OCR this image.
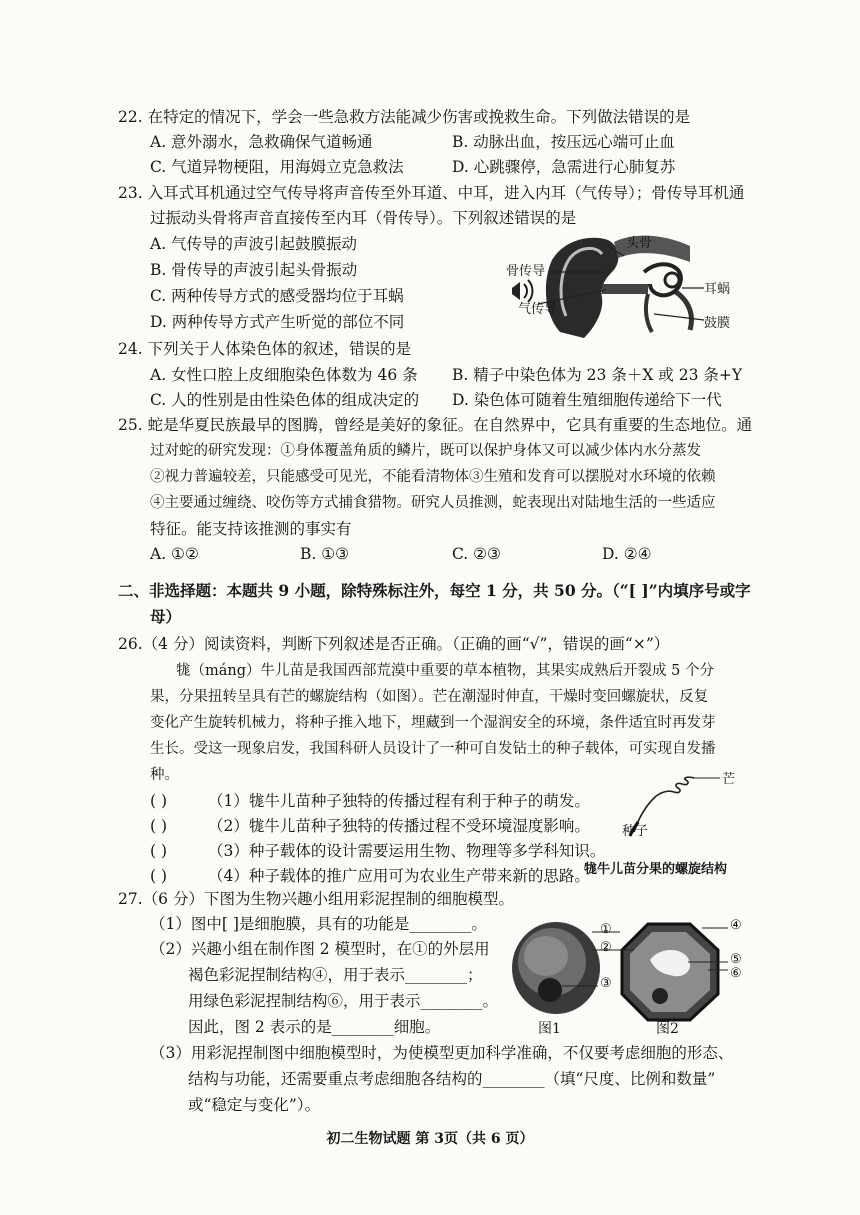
22. 在特定的情况下，学会一些急救方法能减少伤害或挽救生命。下列做法错误的是
A. 意外溺水，急救确保气道畅通	B. 动脉出血，按压远心端可止血
C. 气道异物梗阻，用海姆立克急救法	D. 心跳骤停，急需进行心肺复苏
23. 入耳式耳机通过空气传导将声音传至外耳道、中耳，进入内耳（气传导）；骨传导耳机通
过振动头骨将声音直接传至内耳（骨传导）。下列叙述错误的是
A. 气传导的声波引起鼓膜振动
B. 骨传导的声波引起头骨振动
C. 两种传导方式的感受器均位于耳蜗
D. 两种传导方式产生听觉的部位不同
头骨
骨传导
气传导
耳蜗
鼓膜
24. 下列关于人体染色体的叙述，错误的是
A. 女性口腔上皮细胞染色体数为 46 条 B. 精子中染色体为 23 条＋X 或 23 条+Y
C. 人的性别是由性染色体的组成决定的 D. 染色体可随着生殖细胞传递给下一代
25. 蛇是华夏民族最早的图腾，曾经是美好的象征。在自然界中，它具有重要的生态地位。通
过对蛇的研究发现：①身体覆盖角质的鳞片，既可以保护身体又可以减少体内水分蒸发
②视力普遍较差，只能感受可见光，不能看清物体③生殖和发育可以摆脱对水环境的依赖
④主要通过缠绕、咬伤等方式捕食猎物。研究人员推测，蛇表现出对陆地生活的一些适应
特征。能支持该推测的事实有
A. ①②	B. ①③	C. ②③	D. ②④
二、非选择题：本题共 9 小题，除特殊标注外，每空 1 分，共 50 分。（“[ ]”内填序号或字
母）
26.（4 分）阅读资料，判断下列叙述是否正确。（正确的画“√”，错误的画“×”）
牻（máng）牛儿苗是我国西部荒漠中重要的草本植物，其果实成熟后开裂成 5 个分
果，分果扭转呈具有芒的螺旋结构（如图）。芒在潮湿时伸直，干燥时变回螺旋状，反复
变化产生旋转机械力，将种子推入地下，埋藏到一个湿润安全的环境，条件适宜时再发芽
生长。受这一现象启发，我国科研人员设计了一种可自发钻土的种子载体，可实现自发播
种。
( )	（1）牻牛儿苗种子独特的传播过程有利于种子的萌发。
( )	（2）牻牛儿苗种子独特的传播过程不受环境湿度影响。
( )	（3）种子载体的设计需要运用生物、物理等多学科知识。
( )	（4）种子载体的推广应用可为农业生产带来新的思路。
芒
种子
牻牛儿苗分果的螺旋结构
27.（6 分）下图为生物兴趣小组用彩泥捏制的细胞模型。
（1）图中[ ]是细胞膜，具有的功能是________。
（2）兴趣小组在制作图 2 模型时，在①的外层用
褐色彩泥捏制结构④，用于表示________；
用绿色彩泥捏制结构⑥，用于表示________。
因此，图 2 表示的是________细胞。
（3）用彩泥捏制图中细胞模型时，为使模型更加科学准确，不仅要考虑细胞的形态、
结构与功能，还需要重点考虑细胞各结构的________（填“尺度、比例和数量”
或“稳定与变化”）。
①
②
③
④
⑤
⑥
图1	图2
初二生物试题 第 3页（共 6 页）
